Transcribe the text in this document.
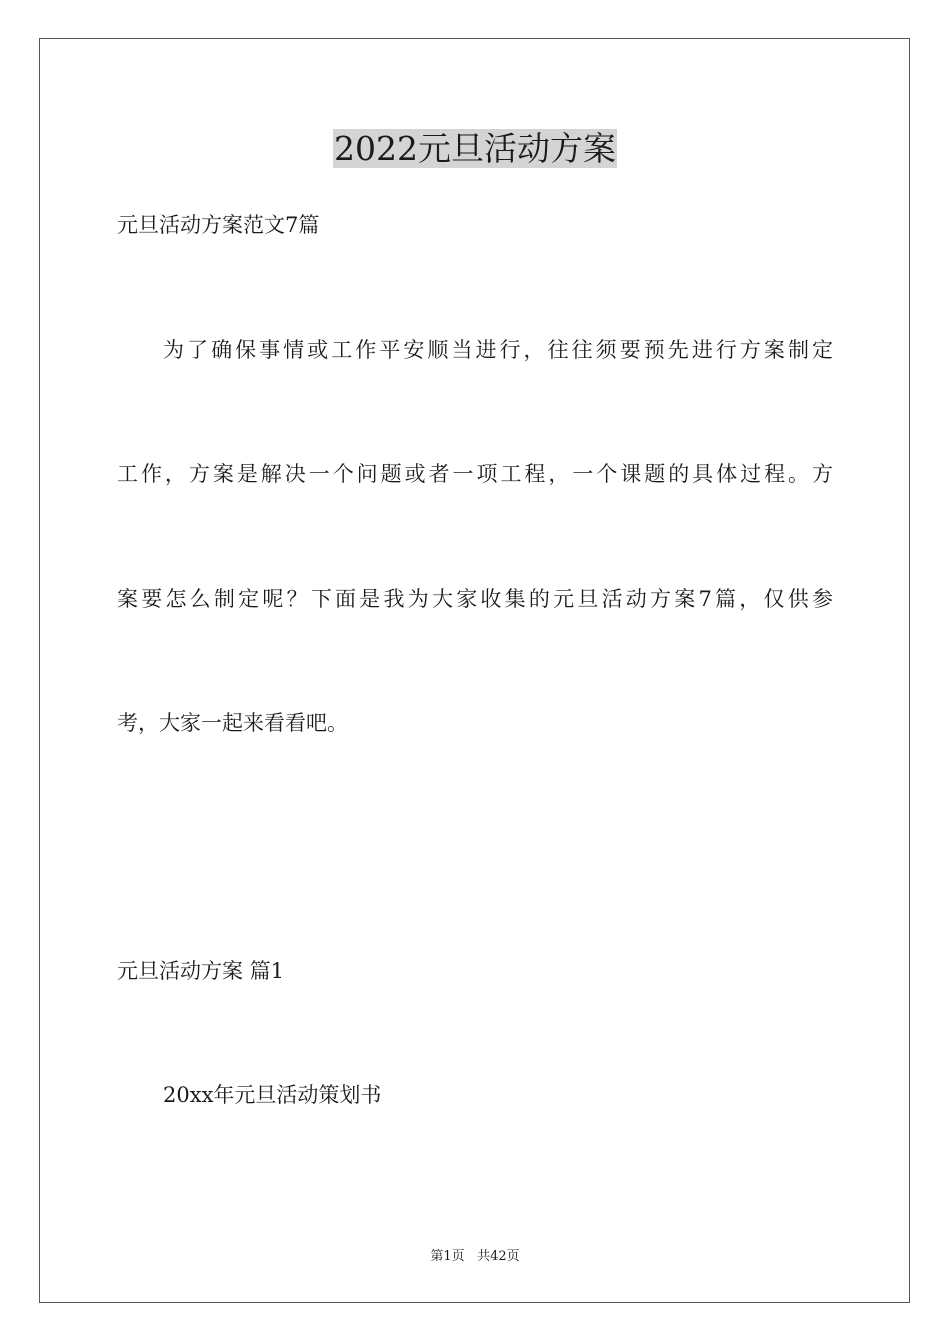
2022元旦活动方案
元旦活动方案范文7篇
为了确保事情或工作平安顺当进行，往往须要预先进行方案制定
工作，方案是解决一个问题或者一项工程，一个课题的具体过程。方
案要怎么制定呢？下面是我为大家收集的元旦活动方案7篇，仅供参
考，大家一起来看看吧。
元旦活动方案 篇1
20xx年元旦活动策划书
第1页 共42页
